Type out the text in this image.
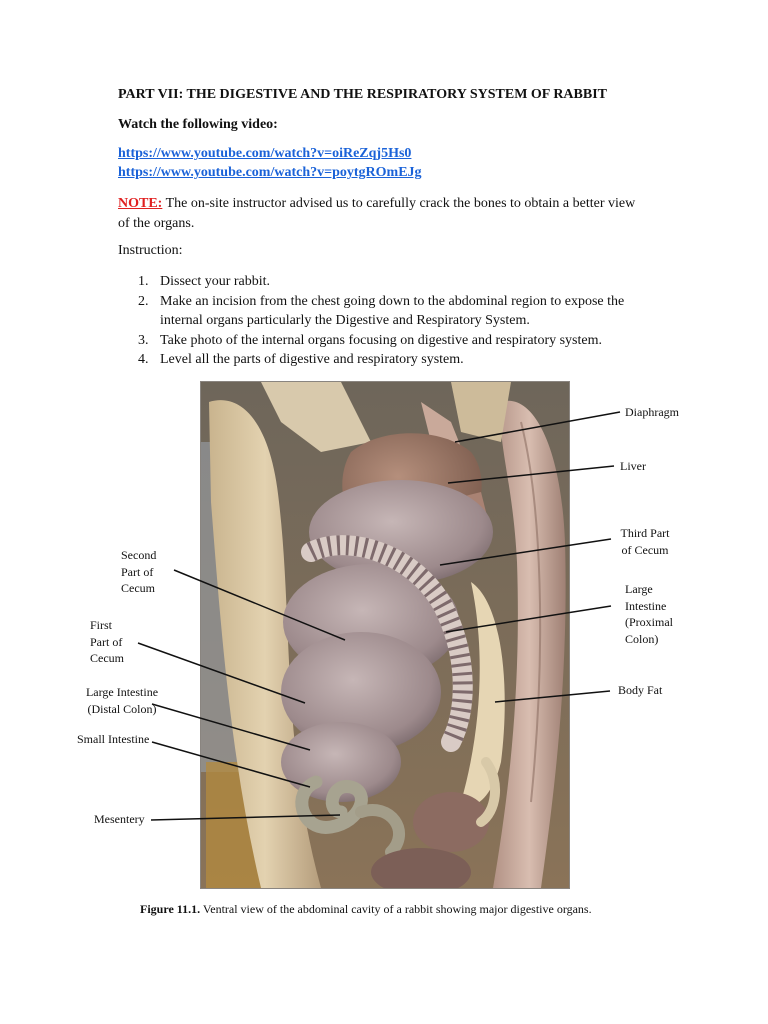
PART VII: THE DIGESTIVE AND THE RESPIRATORY SYSTEM OF RABBIT

Watch the following video:

https://www.youtube.com/watch?v=oiReZqj5Hs0
https://www.youtube.com/watch?v=poytgROmEJg

NOTE: The on-site instructor advised us to carefully crack the bones to obtain a better view of the organs.

Instruction:

1. Dissect your rabbit.
2. Make an incision from the chest going down to the abdominal region to expose the internal organs particularly the Digestive and Respiratory System.
3. Take photo of the internal organs focusing on digestive and respiratory system.
4. Level all the parts of digestive and respiratory system.
Diaphragm
Liver
Third Part
of Cecum
Large
Intestine
(Proximal
Colon)
Body Fat
Second
Part of
Cecum
First
Part of
Cecum
Large Intestine
(Distal Colon)
Small Intestine
Mesentery

Figure 11.1. Ventral view of the abdominal cavity of a rabbit showing major digestive organs.
